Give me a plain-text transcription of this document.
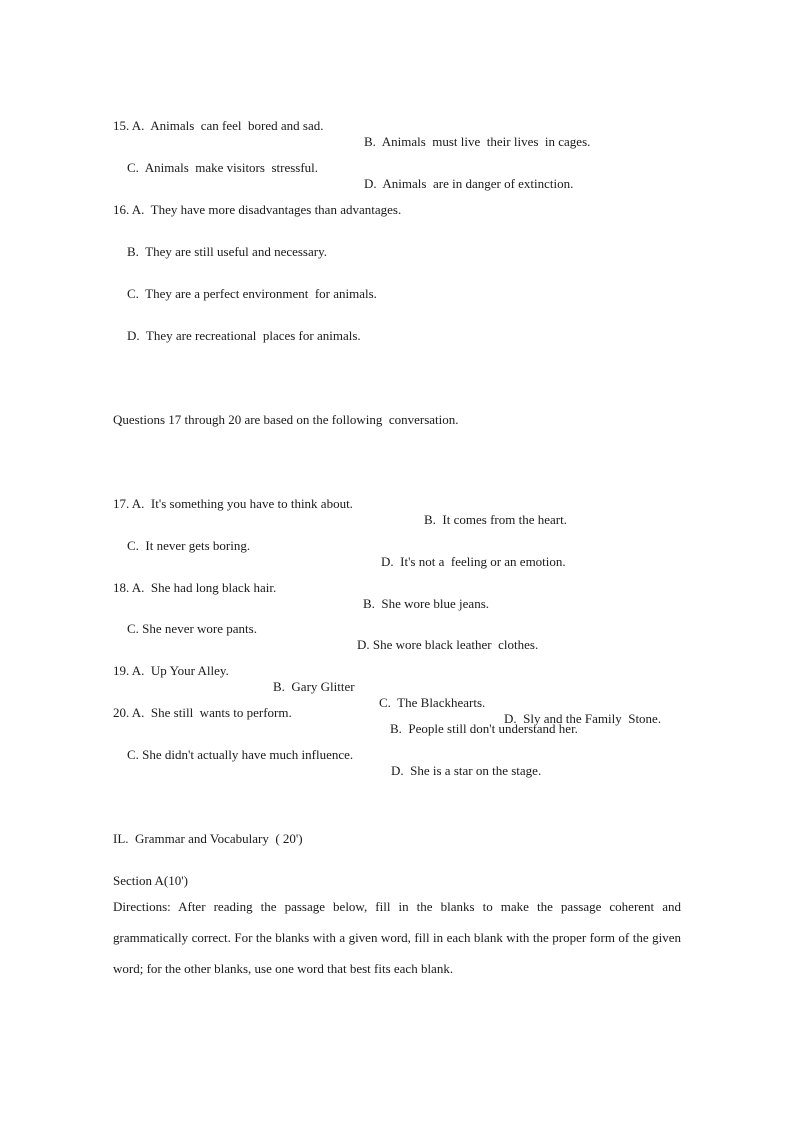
15. A.  Animals  can feel  bored and sad.

B.  Animals  must live  their lives  in cages.

C.  Animals  make visitors  stressful.

D.  Animals  are in danger of extinction.

16. A.  They have more disadvantages than advantages.

B.  They are still useful and necessary.

C.  They are a perfect environment  for animals.

D.  They are recreational  places for animals.

Questions 17 through 20 are based on the following  conversation.

17. A.  It's something you have to think about.

B.  It comes from the heart.

C.  It never gets boring.

D.  It's not a  feeling or an emotion.

18. A.  She had long black hair.

B.  She wore blue jeans.

C. She never wore pants.

D. She wore black leather  clothes.

19. A.  Up Your Alley.

B.  Gary Glitter

C.  The Blackhearts.

D.  Sly and the Family  Stone.

20. A.  She still  wants to perform.

B.  People still don't understand her.

C. She didn't actually have much influence.

D.  She is a star on the stage.

IL.  Grammar and Vocabulary  ( 20')

Section A(10')

Directions: After reading the passage below, fill in the blanks to make the passage coherent and grammatically correct. For the blanks with a given word, fill in each blank with the proper form of the given word; for the other blanks, use one word that best fits each blank.
